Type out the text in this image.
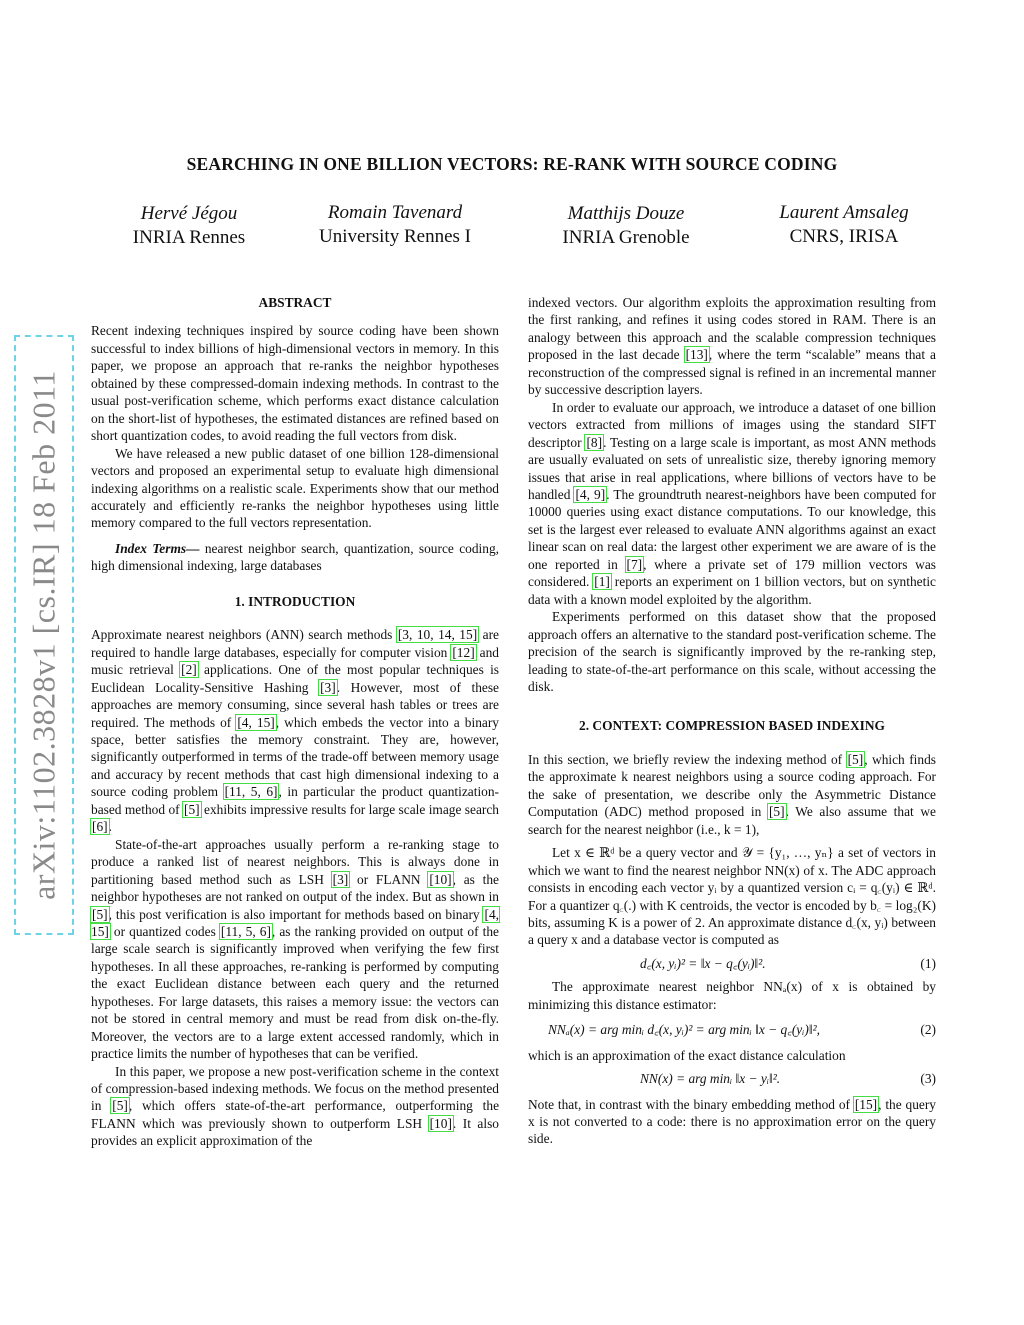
arXiv:1102.3828v1 [cs.IR] 18 Feb 2011
SEARCHING IN ONE BILLION VECTORS: RE-RANK WITH SOURCE CODING
Hervé Jégou
INRIA Rennes
Romain Tavenard
University Rennes I
Matthijs Douze
INRIA Grenoble
Laurent Amsaleg
CNRS, IRISA
ABSTRACT

Recent indexing techniques inspired by source coding have been shown successful to index billions of high-dimensional vectors in memory. In this paper, we propose an approach that re-ranks the neighbor hypotheses obtained by these compressed-domain indexing methods. In contrast to the usual post-verification scheme, which performs exact distance calculation on the short-list of hypotheses, the estimated distances are refined based on short quantization codes, to avoid reading the full vectors from disk.

We have released a new public dataset of one billion 128-dimensional vectors and proposed an experimental setup to evaluate high dimensional indexing algorithms on a realistic scale. Experiments show that our method accurately and efficiently re-ranks the neighbor hypotheses using little memory compared to the full vectors representation.

Index Terms— nearest neighbor search, quantization, source coding, high dimensional indexing, large databases

1. INTRODUCTION

Approximate nearest neighbors (ANN) search methods [3, 10, 14, 15] are required to handle large databases, especially for computer vision [12] and music retrieval [2] applications. One of the most popular techniques is Euclidean Locality-Sensitive Hashing [3]. However, most of these approaches are memory consuming, since several hash tables or trees are required. The methods of [4, 15], which embeds the vector into a binary space, better satisfies the memory constraint. They are, however, significantly outperformed in terms of the trade-off between memory usage and accuracy by recent methods that cast high dimensional indexing to a source coding problem [11, 5, 6], in particular the product quantization-based method of [5] exhibits impressive results for large scale image search [6].

State-of-the-art approaches usually perform a re-ranking stage to produce a ranked list of nearest neighbors. This is always done in partitioning based method such as LSH [3] or FLANN [10], as the neighbor hypotheses are not ranked on output of the index. But as shown in [5], this post verification is also important for methods based on binary [4, 15] or quantized codes [11, 5, 6], as the ranking provided on output of the large scale search is significantly improved when verifying the few first hypotheses. In all these approaches, re-ranking is performed by computing the exact Euclidean distance between each query and the returned hypotheses. For large datasets, this raises a memory issue: the vectors can not be stored in central memory and must be read from disk on-the-fly. Moreover, the vectors are to a large extent accessed randomly, which in practice limits the number of hypotheses that can be verified.

In this paper, we propose a new post-verification scheme in the context of compression-based indexing methods. We focus on the method presented in [5], which offers state-of-the-art performance, outperforming the FLANN which was previously shown to outperform LSH [10]. It also provides an explicit approximation of the

indexed vectors. Our algorithm exploits the approximation resulting from the first ranking, and refines it using codes stored in RAM. There is an analogy between this approach and the scalable compression techniques proposed in the last decade [13], where the term “scalable” means that a reconstruction of the compressed signal is refined in an incremental manner by successive description layers.

In order to evaluate our approach, we introduce a dataset of one billion vectors extracted from millions of images using the standard SIFT descriptor [8]. Testing on a large scale is important, as most ANN methods are usually evaluated on sets of unrealistic size, thereby ignoring memory issues that arise in real applications, where billions of vectors have to be handled [4, 9]. The groundtruth nearest-neighbors have been computed for 10000 queries using exact distance computations. To our knowledge, this set is the largest ever released to evaluate ANN algorithms against an exact linear scan on real data: the largest other experiment we are aware of is the one reported in [7], where a private set of 179 million vectors was considered. [1] reports an experiment on 1 billion vectors, but on synthetic data with a known model exploited by the algorithm.

Experiments performed on this dataset show that the proposed approach offers an alternative to the standard post-verification scheme. The precision of the search is significantly improved by the re-ranking step, leading to state-of-the-art performance on this scale, without accessing the disk.

2. CONTEXT: COMPRESSION BASED INDEXING

In this section, we briefly review the indexing method of [5], which finds the approximate k nearest neighbors using a source coding approach. For the sake of presentation, we describe only the Asymmetric Distance Computation (ADC) method proposed in [5]. We also assume that we search for the nearest neighbor (i.e., k = 1),

Let x ∈ ℝᵈ be a query vector and 𝒴 = {y₁, …, yₙ} a set of vectors in which we want to find the nearest neighbor NN(x) of x. The ADC approach consists in encoding each vector yᵢ by a quantized version cᵢ = q꜀(yᵢ) ∈ ℝᵈ. For a quantizer q꜀(.) with K centroids, the vector is encoded by b꜀ = log₂(K) bits, assuming K is a power of 2. An approximate distance d꜀(x, yᵢ) between a query x and a database vector is computed as

d꜀(x, yᵢ)² = ‖x − q꜀(yᵢ)‖².	(1)

The approximate nearest neighbor NNₐ(x) of x is obtained by minimizing this distance estimator:

NNₐ(x) = arg minᵢ d꜀(x, yᵢ)² = arg minᵢ ‖x − q꜀(yᵢ)‖²,	(2)

which is an approximation of the exact distance calculation

NN(x) = arg minᵢ ‖x − yᵢ‖².	(3)

Note that, in contrast with the binary embedding method of [15], the query x is not converted to a code: there is no approximation error on the query side.
